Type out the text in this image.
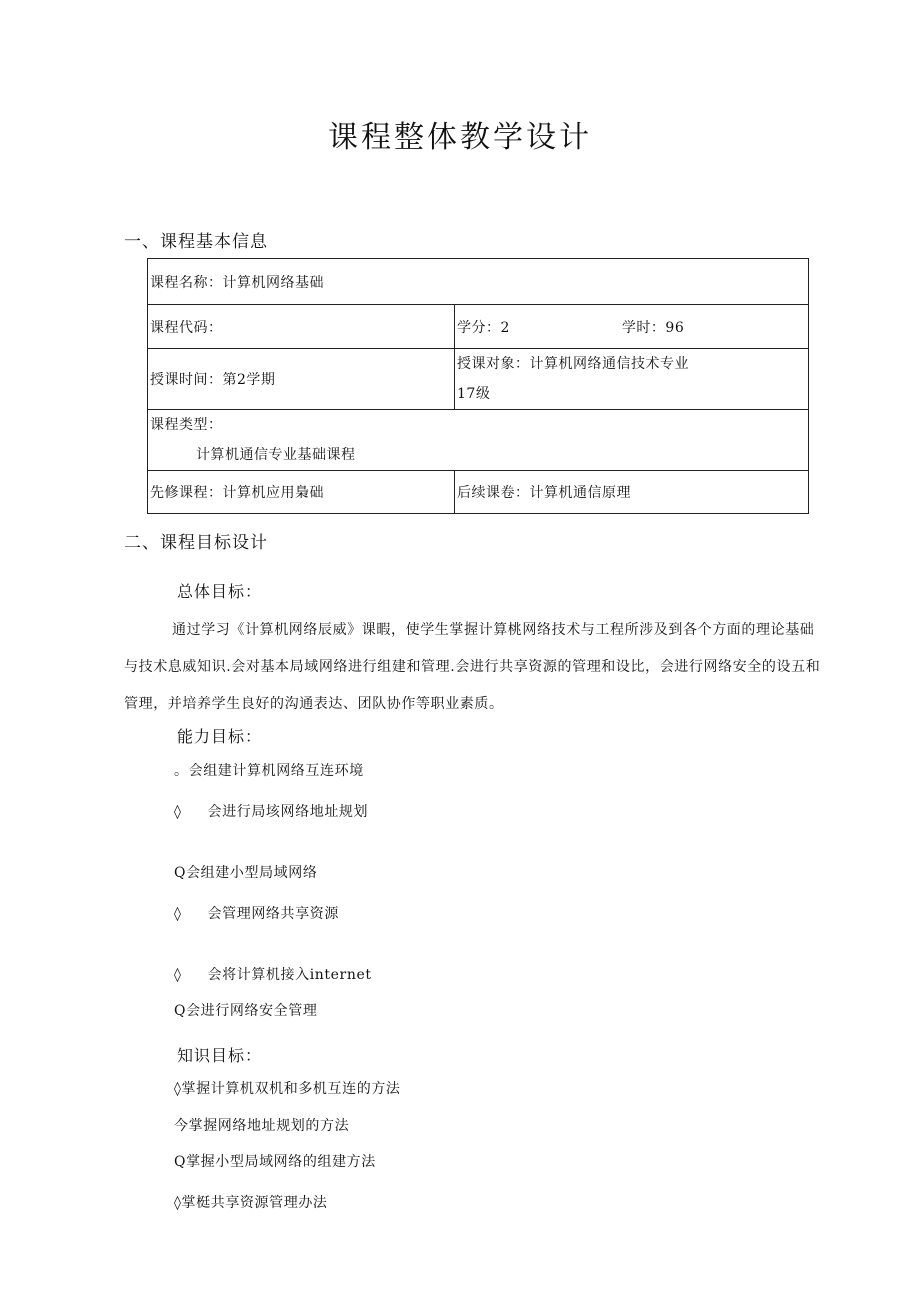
课程整体教学设计
一、课程基本信息
课程名称：计算机网络基础	
课程代码：	学分：2 学时：96
授课时间：第2学期	授课对象：计算机网络通信技术专业
17级

课程类型：
计算机通信专业基础课程	

先修课程：计算机应用梟础	后续课卷：计算机通信原理
二、课程目标设计
总体目标：
通过学习《计算机网络辰威》课暇，使学生掌握计算桃网络技术与工程所涉及到各个方面的理论基础与技术息威知识.会对基本局域网络进行组建和管理.会进行共享资源的管理和设比，会进行网络安全的设五和管理，并培养学生良好的沟通表达、团队协作等职业素质。
能力目标：
。会组建计算机网络互连环境
◊ 会进行局垓网络地址规划
Q会组建小型局域网络
◊ 会管理网络共享资源
◊ 会将计算机接入internet
Q会进行网络安全管理
知识目标：
◊掌握计算机双机和多机互连的方法
今掌握网络地址规划的方法
Q掌握小型局域网络的组建方法
◊掌梃共享资源管理办法
